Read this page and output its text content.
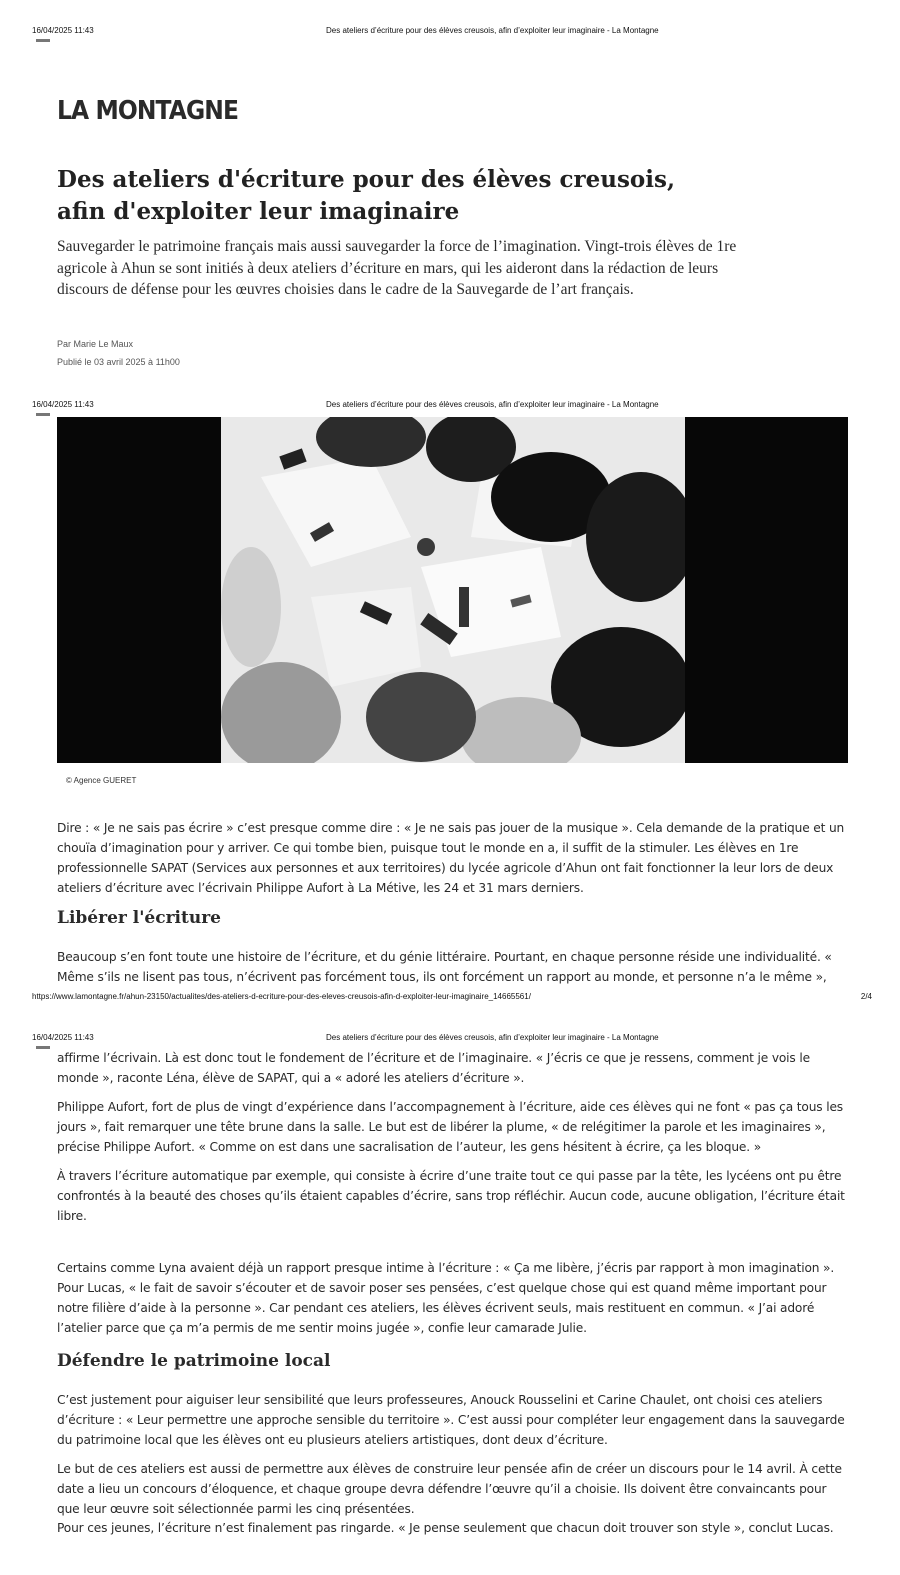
16/04/2025 11:43	Des ateliers d’écriture pour des élèves creusois, afin d’exploiter leur imaginaire - La Montagne
LA MONTAGNE
Des ateliers d'écriture pour des élèves creusois, afin d'exploiter leur imaginaire

Sauvegarder le patrimoine français mais aussi sauvegarder la force de l’imagination. Vingt-trois élèves de 1re agricole à Ahun se sont initiés à deux ateliers d’écriture en mars, qui les aideront dans la rédaction de leurs discours de défense pour les œuvres choisies dans le cadre de la Sauvegarde de l’art français.

Par Marie Le Maux
Publié le 03 avril 2025 à 11h00
16/04/2025 11:43	Des ateliers d’écriture pour des élèves creusois, afin d’exploiter leur imaginaire - La Montagne
© Agence GUERET

Dire : « Je ne sais pas écrire » c’est presque comme dire : « Je ne sais pas jouer de la musique ». Cela demande de la pratique et un chouïa d’imagination pour y arriver. Ce qui tombe bien, puisque tout le monde en a, il suffit de la stimuler. Les élèves en 1re professionnelle SAPAT (Services aux personnes et aux territoires) du lycée agricole d’Ahun ont fait fonctionner la leur lors de deux ateliers d’écriture avec l’écrivain Philippe Aufort à La Métive, les 24 et 31 mars derniers.

Libérer l'écriture

Beaucoup s’en font toute une histoire de l’écriture, et du génie littéraire. Pourtant, en chaque personne réside une individualité. « Même s’ils ne lisent pas tous, n’écrivent pas forcément tous, ils ont forcément un rapport au monde, et personne n’a le même »,

https://www.lamontagne.fr/ahun-23150/actualites/des-ateliers-d-ecriture-pour-des-eleves-creusois-afin-d-exploiter-leur-imaginaire_14665561/	2/4
16/04/2025 11:43	Des ateliers d’écriture pour des élèves creusois, afin d’exploiter leur imaginaire - La Montagne

affirme l’écrivain. Là est donc tout le fondement de l’écriture et de l’imaginaire. « J’écris ce que je ressens, comment je vois le monde », raconte Léna, élève de SAPAT, qui a « adoré les ateliers d’écriture ».

Philippe Aufort, fort de plus de vingt d’expérience dans l’accompagnement à l’écriture, aide ces élèves qui ne font « pas ça tous les jours », fait remarquer une tête brune dans la salle. Le but est de libérer la plume, « de relégitimer la parole et les imaginaires », précise Philippe Aufort. « Comme on est dans une sacralisation de l’auteur, les gens hésitent à écrire, ça les bloque. »

À travers l’écriture automatique par exemple, qui consiste à écrire d’une traite tout ce qui passe par la tête, les lycéens ont pu être confrontés à la beauté des choses qu’ils étaient capables d’écrire, sans trop réfléchir. Aucun code, aucune obligation, l’écriture était libre.

Certains comme Lyna avaient déjà un rapport presque intime à l’écriture : « Ça me libère, j’écris par rapport à mon imagination ». Pour Lucas, « le fait de savoir s’écouter et de savoir poser ses pensées, c’est quelque chose qui est quand même important pour notre filière d’aide à la personne ». Car pendant ces ateliers, les élèves écrivent seuls, mais restituent en commun. « J’ai adoré l’atelier parce que ça m’a permis de me sentir moins jugée », confie leur camarade Julie.

Défendre le patrimoine local

C’est justement pour aiguiser leur sensibilité que leurs professeures, Anouck Rousselini et Carine Chaulet, ont choisi ces ateliers d’écriture : « Leur permettre une approche sensible du territoire ». C’est aussi pour compléter leur engagement dans la sauvegarde du patrimoine local que les élèves ont eu plusieurs ateliers artistiques, dont deux d’écriture.

Le but de ces ateliers est aussi de permettre aux élèves de construire leur pensée afin de créer un discours pour le 14 avril. À cette date a lieu un concours d’éloquence, et chaque groupe devra défendre l’œuvre qu’il a choisie. Ils doivent être convaincants pour que leur œuvre soit sélectionnée parmi les cinq présentées.

Pour ces jeunes, l’écriture n’est finalement pas ringarde. « Je pense seulement que chacun doit trouver son style », conclut Lucas.
